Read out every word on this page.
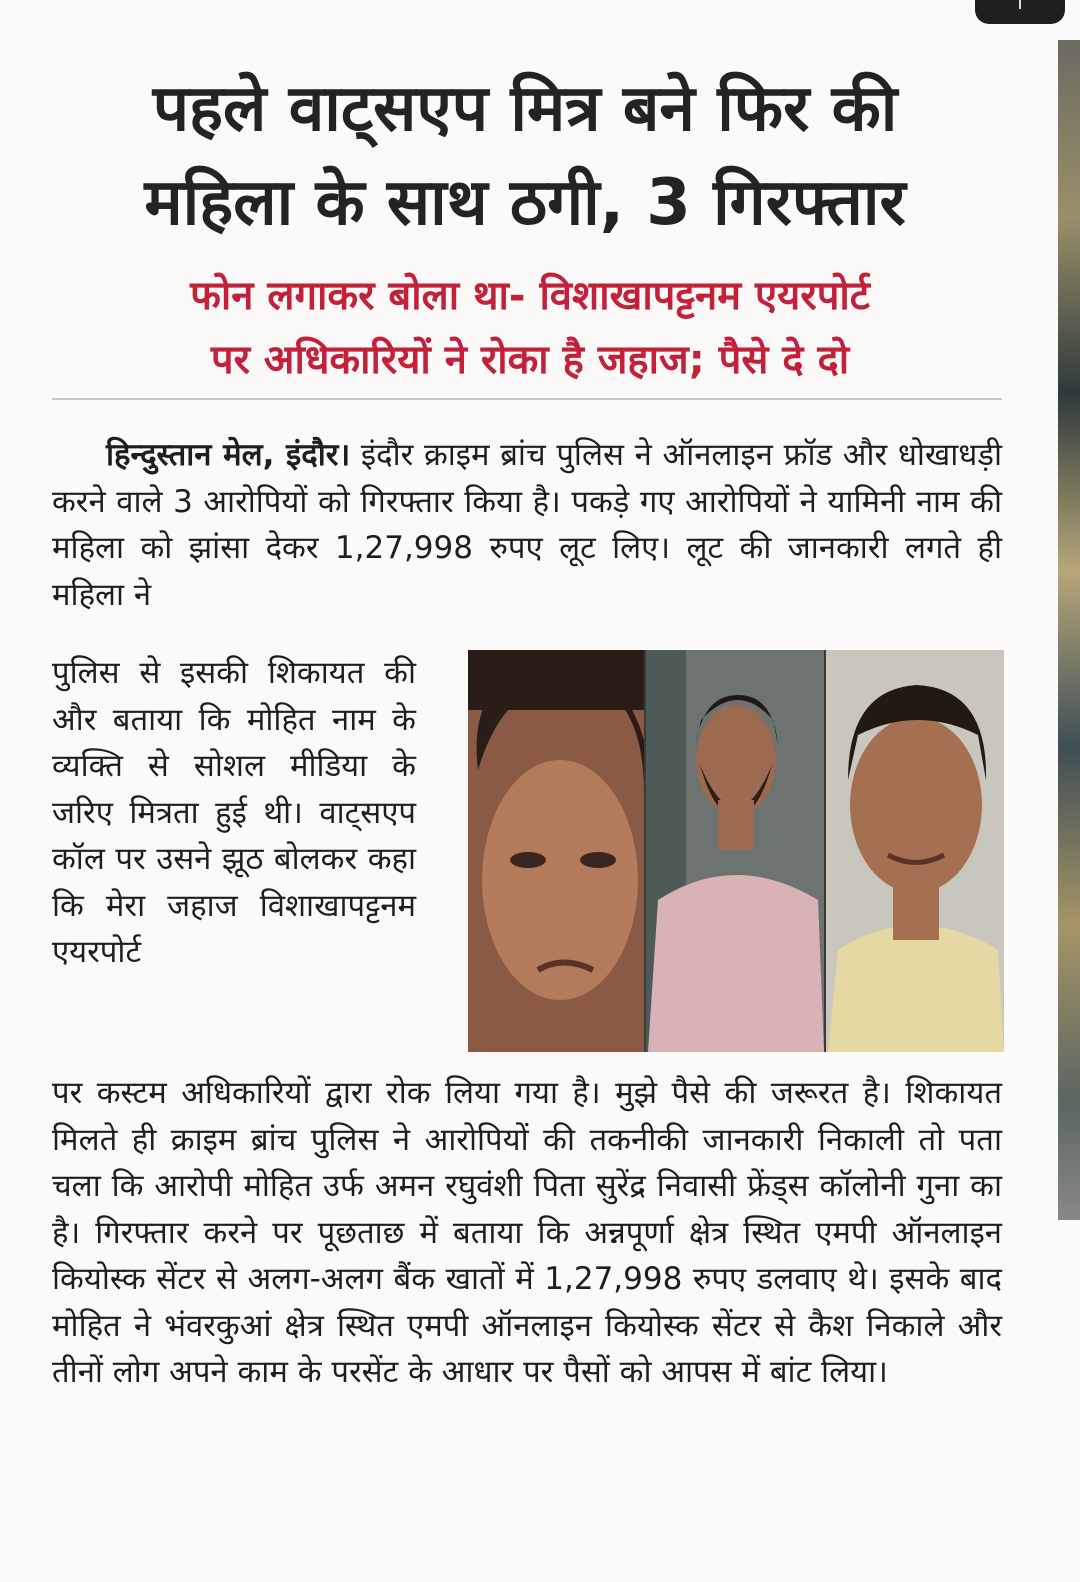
पहले वाट्सएप मित्र बने फिर की
महिला के साथ ठगी, 3 गिरफ्तार
फोन लगाकर बोला था- विशाखापट्टनम एयरपोर्ट
पर अधिकारियों ने रोका है जहाज; पैसे दे दो
हिन्दुस्तान मेल, इंदौर। इंदौर क्राइम ब्रांच पुलिस ने ऑनलाइन फ्रॉड और धोखाधड़ी करने वाले 3 आरोपियों को गिरफ्तार किया है। पकड़े गए आरोपियों ने यामिनी नाम की महिला को झांसा देकर 1,27,998 रुपए लूट लिए। लूट की जानकारी लगते ही महिला ने
पुलिस से इसकी शिकायत की और बताया कि मोहित नाम के व्यक्ति से सोशल मीडिया के जरिए मित्रता हुई थी। वाट्सएप कॉल पर उसने झूठ बोलकर कहा कि मेरा जहाज विशाखापट्टनम एयरपोर्ट
पर कस्टम अधिकारियों द्वारा रोक लिया गया है। मुझे पैसे की जरूरत है। शिकायत मिलते ही क्राइम ब्रांच पुलिस ने आरोपियों की तकनीकी जानकारी निकाली तो पता चला कि आरोपी मोहित उर्फ अमन रघुवंशी पिता सुरेंद्र निवासी फ्रेंड्स कॉलोनी गुना का है। गिरफ्तार करने पर पूछताछ में बताया कि अन्नपूर्णा क्षेत्र स्थित एमपी ऑनलाइन कियोस्क सेंटर से अलग-अलग बैंक खातों में 1,27,998 रुपए डलवाए थे। इसके बाद मोहित ने भंवरकुआं क्षेत्र स्थित एमपी ऑनलाइन कियोस्क सेंटर से कैश निकाले और तीनों लोग अपने काम के परसेंट के आधार पर पैसों को आपस में बांट लिया।
